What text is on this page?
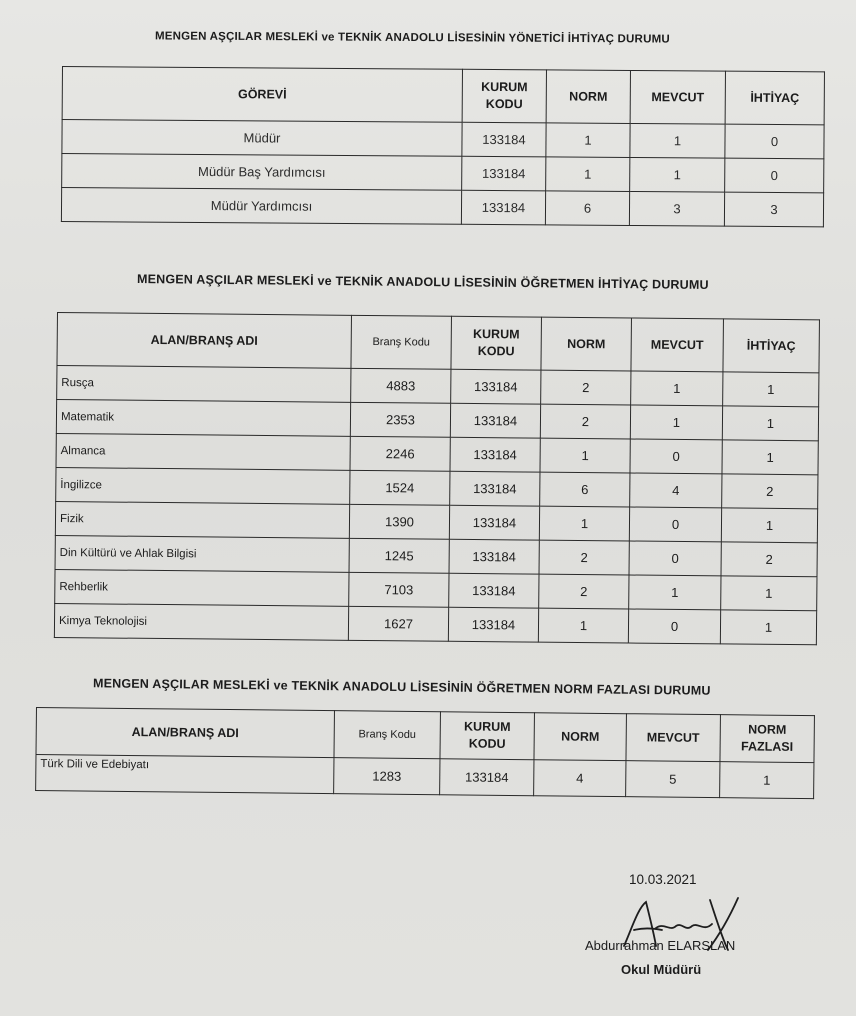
MENGEN AŞÇILAR MESLEKİ ve TEKNİK ANADOLU LİSESİNİN YÖNETİCİ İHTİYAÇ DURUMU
GÖREVİ	KURUM KODU	NORM	MEVCUT	İHTİYAÇ
Müdür	133184	1	1	0
Müdür Baş Yardımcısı	133184	1	1	0
Müdür Yardımcısı	133184	6	3	3
MENGEN AŞÇILAR MESLEKİ ve TEKNİK ANADOLU LİSESİNİN ÖĞRETMEN İHTİYAÇ DURUMU
ALAN/BRANŞ ADI	Branş Kodu	KURUM KODU	NORM	MEVCUT	İHTİYAÇ
Rusça	4883	133184	2	1	1
Matematik	2353	133184	2	1	1
Almanca	2246	133184	1	0	1
İngilizce	1524	133184	6	4	2
Fizik	1390	133184	1	0	1
Din Kültürü ve Ahlak Bilgisi	1245	133184	2	0	2
Rehberlik	7103	133184	2	1	1
Kimya Teknolojisi	1627	133184	1	0	1
MENGEN AŞÇILAR MESLEKİ ve TEKNİK ANADOLU LİSESİNİN ÖĞRETMEN NORM FAZLASI DURUMU
ALAN/BRANŞ ADI	Branş Kodu	KURUM KODU	NORM	MEVCUT	NORM FAZLASI
Türk Dili ve Edebiyatı	1283	133184	4	5	1
10.03.2021
Abdurrahman ELARSLAN
Okul Müdürü
